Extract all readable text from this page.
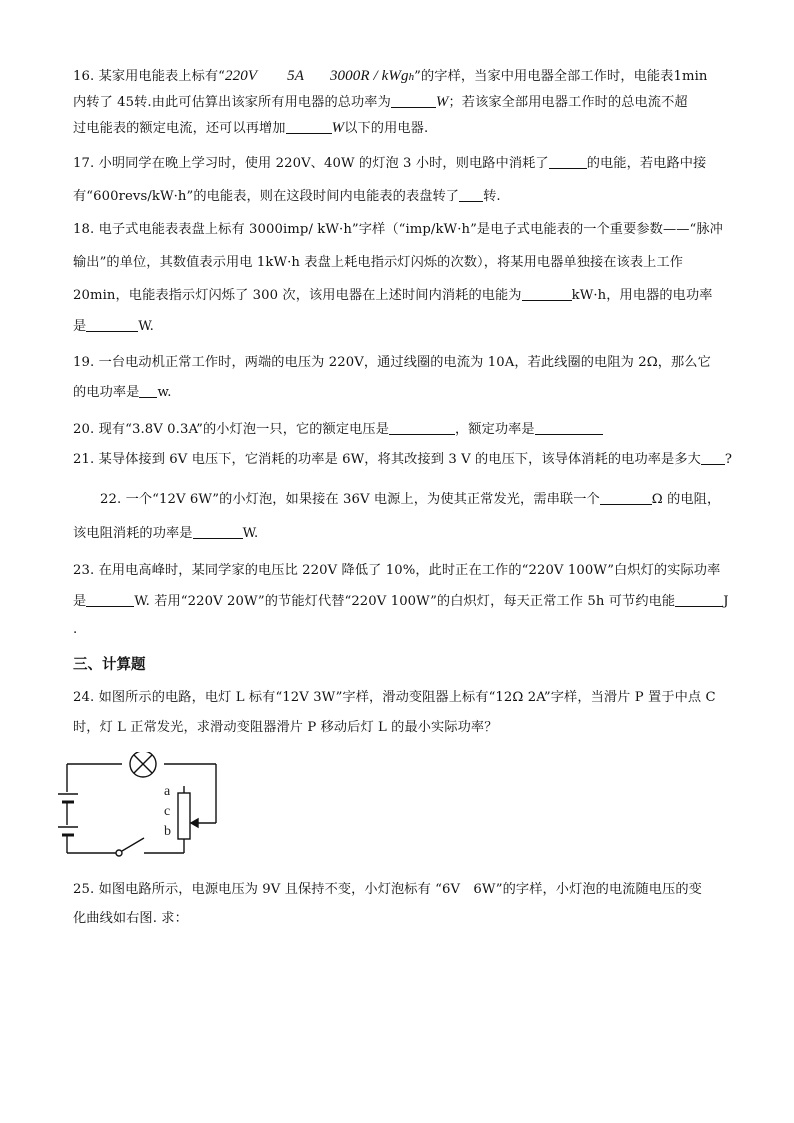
16. 某家用电能表上标有“220V 5A 3000R / kWgh”的字样，当家中用电器全部工作时，电能表1min
内转了 45转.由此可估算出该家所有用电器的总功率为	W；若该家全部用电器工作时的总电流不超
过电能表的额定电流，还可以再增加	W以下的用电器.
17. 小明同学在晚上学习时，使用 220V、40W 的灯泡 3 小时，则电路中消耗了	的电能，若电路中接
有“600revs/kW·h”的电能表，则在这段时间内电能表的表盘转了 转.
18. 电子式电能表表盘上标有 3000imp/ kW·h”字样（“imp/kW·h”是电子式电能表的一个重要参数——“脉冲
输出”的单位，其数值表示用电 1kW·h 表盘上耗电指示灯闪烁的次数），将某用电器单独接在该表上工作
20min，电能表指示灯闪烁了 300 次，该用电器在上述时间内消耗的电能为	kW·h，用电器的电功率
是	W.
19. 一台电动机正常工作时，两端的电压为 220V，通过线圈的电流为 10A，若此线圈的电阻为 2Ω，那么它
的电功率是 w.
20. 现有“3.8V 0.3A”的小灯泡一只，它的额定电压是	，额定功率是
21. 某导体接到 6V 电压下，它消耗的功率是 6W，将其改接到 3 V 的电压下，该导体消耗的电功率是多大 ?
22. 一个“12V 6W”的小灯泡，如果接在 36V 电源上，为使其正常发光，需串联一个	Ω 的电阻，
该电阻消耗的功率是	W.
23. 在用电高峰时，某同学家的电压比 220V 降低了 10%，此时正在工作的“220V 100W”白炽灯的实际功率
是	W. 若用“220V 20W”的节能灯代替“220V 100W”的白炽灯，每天正常工作 5h 可节约电能	J
.
三、计算题
24. 如图所示的电路，电灯 L 标有“12V 3W”字样，滑动变阻器上标有“12Ω 2A”字样，当滑片 P 置于中点 C
时，灯 L 正常发光，求滑动变阻器滑片 P 移动后灯 L 的最小实际功率？
a
c
b
25. 如图电路所示，电源电压为 9V 且保持不变，小灯泡标有 “6V　6W”的字样，小灯泡的电流随电压的变
化曲线如右图. 求：
